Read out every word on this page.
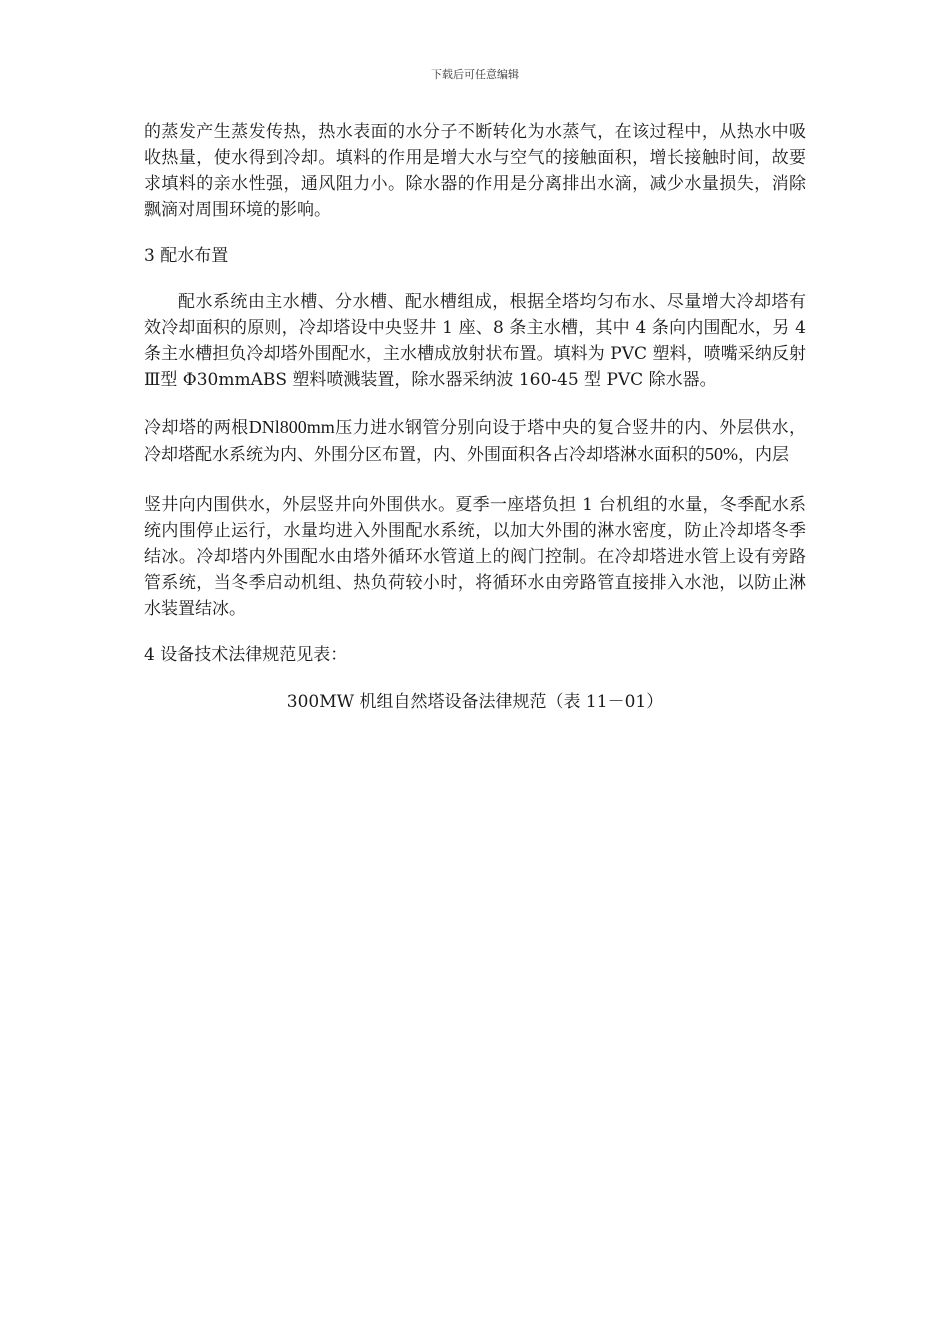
下载后可任意编辑

的蒸发产生蒸发传热，热水表面的水分子不断转化为水蒸气，在该过程中，从热水中吸收热量，使水得到冷却。填料的作用是增大水与空气的接触面积，增长接触时间，故要求填料的亲水性强，通风阻力小。除水器的作用是分离排出水滴，减少水量损失，消除飘滴对周围环境的影响。

3 配水布置

配水系统由主水槽、分水槽、配水槽组成，根据全塔均匀布水、尽量增大冷却塔有效冷却面积的原则，冷却塔设中央竖井 1 座、8 条主水槽，其中 4 条向内围配水，另 4 条主水槽担负冷却塔外围配水，主水槽成放射状布置。填料为 PVC 塑料，喷嘴采纳反射Ⅲ型 Φ30mmABS 塑料喷溅装置，除水器采纳波 160-45 型 PVC 除水器。

冷却塔的两根DNl800mm压力进水钢管分别向设于塔中央的复合竖井的内、外层供水，冷却塔配水系统为内、外围分区布置，内、外围面积各占冷却塔淋水面积的50%，内层

竖井向内围供水，外层竖井向外围供水。夏季一座塔负担 1 台机组的水量，冬季配水系统内围停止运行，水量均进入外围配水系统，以加大外围的淋水密度，防止冷却塔冬季结冰。冷却塔内外围配水由塔外循环水管道上的阀门控制。在冷却塔进水管上设有旁路管系统，当冬季启动机组、热负荷较小时，将循环水由旁路管直接排入水池，以防止淋水装置结冰。

4 设备技术法律规范见表：

300MW 机组自然塔设备法律规范（表 11－01）
